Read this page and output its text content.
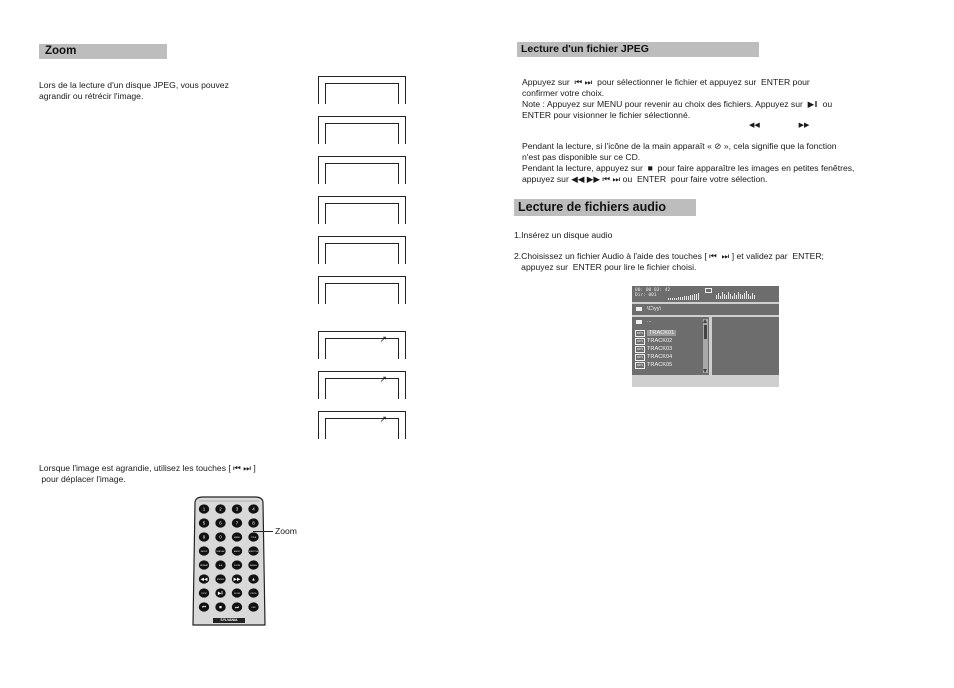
Zoom
Lors de la lecture d'un disque JPEG, vous pouvez
agrandir ou rétrécir l'image.
↗
↗
↗
Lorsque l'image est agrandie, utilisez les touches [ ⏮ ⏭ ]
pour déplacer l'image.
1	2	3	4
5	6	7	8
9	0	MENU	TITLE
SETUP	DISPLAY	AUDIO	SUBTITLE
REPEAT	A-B	ZOOM	ANGLE
◀◀	ENTER ▶▶ ▲
STOP ▶‖	SLOW	PROG
⏮	■	⏭	OSD
SYLVANIA
Zoom
Lecture d'un fichier JPEG
Appuyez sur  ⏮ ⏭  pour sélectionner le fichier et appuyez sur  ENTER pour
confirmer votre choix.
Note : Appuyez sur MENU pour revenir au choix des fichiers. Appuyez sur  ▶‖  ou
ENTER pour visionner le fichier sélectionné.
◀◀                    ▶▶
Pendant la lecture, si l'icône de la main apparaît « ⊘ », cela signifie que la fonction
n'est pas disponible sur ce CD.
Pendant la lecture, appuyez sur  ■  pour faire apparaître les images en petites fenêtres,
appuyez sur ◀◀ ▶▶ ⏮ ⏭ ou  ENTER  pour faire votre sélection.
Lecture de fichiers audio
1.Insérez un disque audio
2.Choisissez un fichier Audio à l'aide des touches [ ⏮  ⏭ ] et validez par  ENTER;
appuyez sur  ENTER pour lire le fichier choisi.
00: 00 03: 42
Dir: 001
\C\yy\
...
MP3 TRACK01
MP3 TRACK02
MP3 TRACK03
MP3 TRACK04
MP3 TRACK05
